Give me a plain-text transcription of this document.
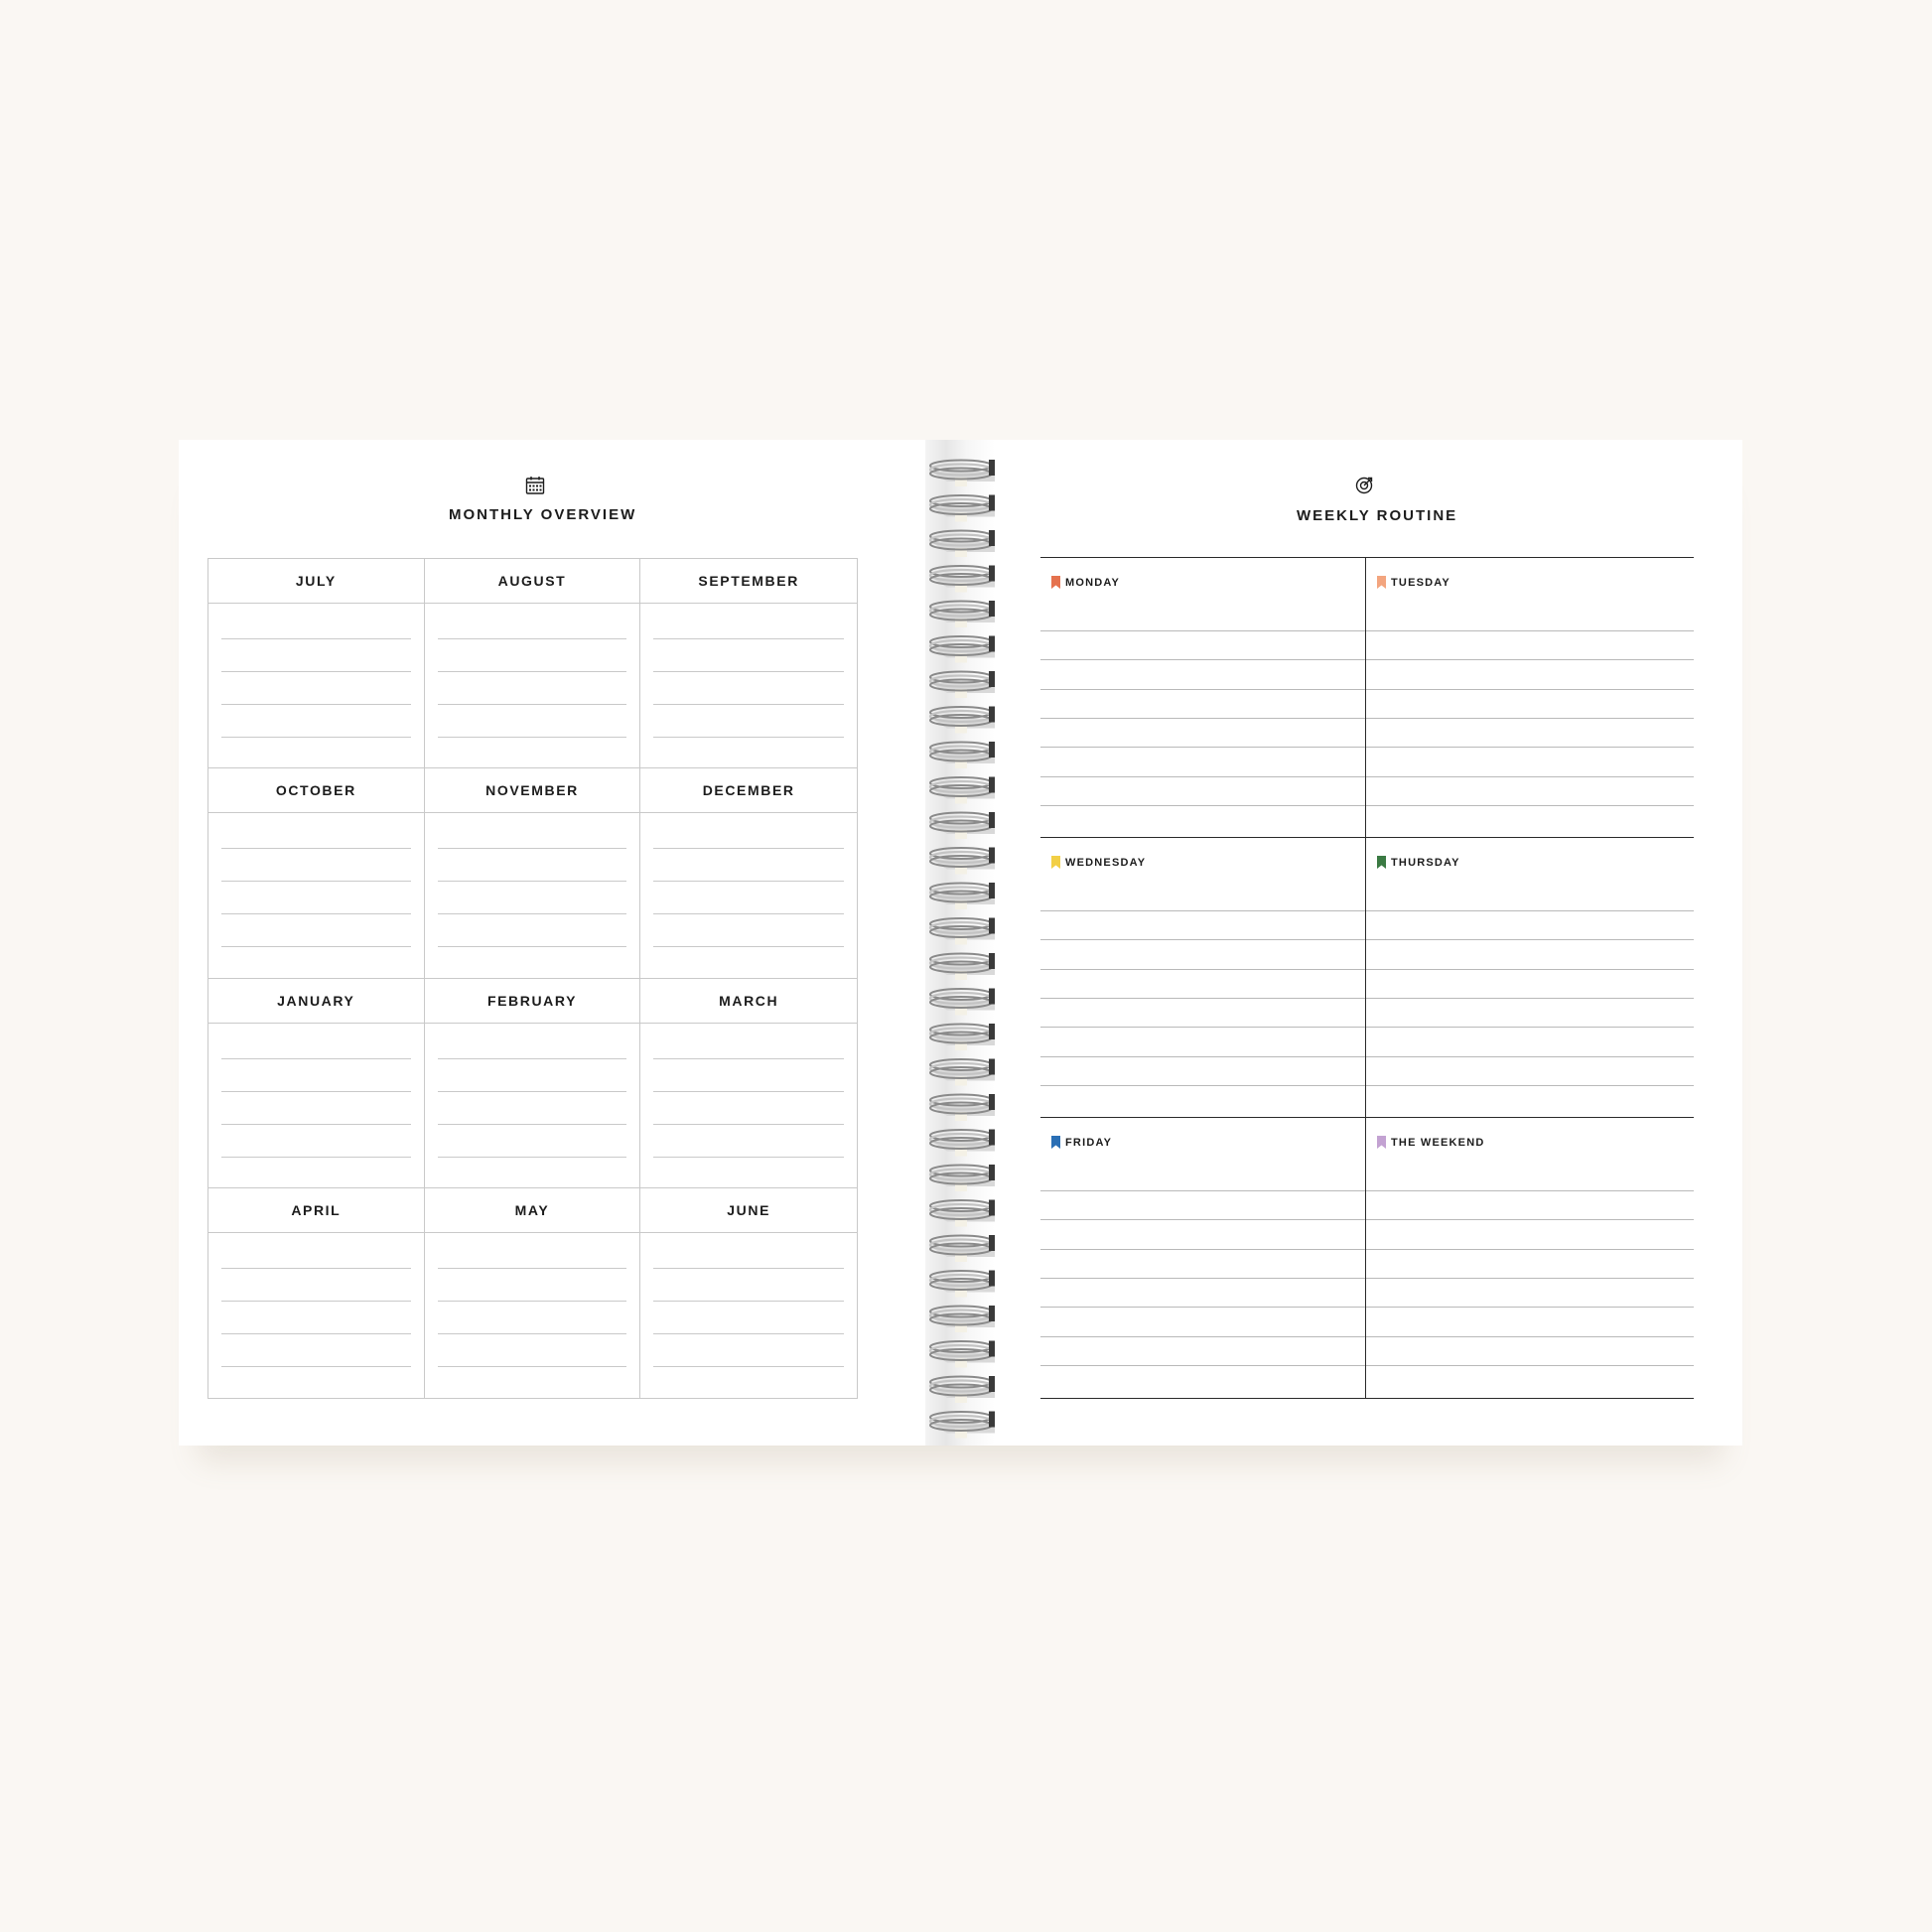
MONTHLY OVERVIEW
JULY	AUGUST	SEPTEMBER
OCTOBER	NOVEMBER	DECEMBER
JANUARY	FEBRUARY	MARCH
APRIL	MAY	JUNE
WEEKLY ROUTINE
MONDAY	TUESDAY
WEDNESDAY	THURSDAY
FRIDAY	THE WEEKEND
